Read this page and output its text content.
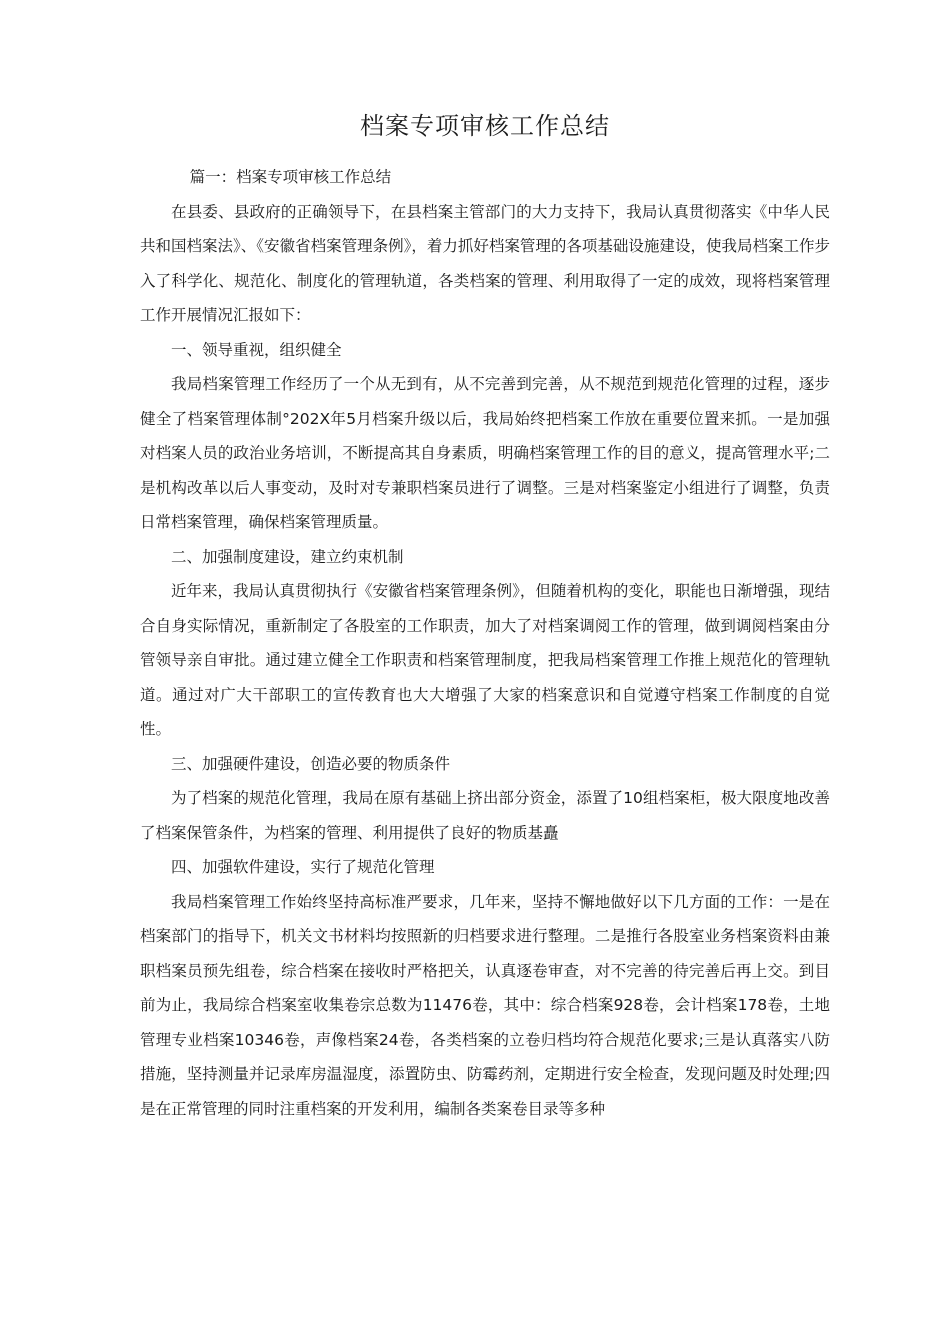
档案专项审核工作总结

篇一：档案专项审核工作总结

在县委、县政府的正确领导下，在县档案主管部门的大力支持下，我局认真贯彻落实《中华人民共和国档案法》、《安徽省档案管理条例》，着力抓好档案管理的各项基础设施建设，使我局档案工作步入了科学化、规范化、制度化的管理轨道，各类档案的管理、利用取得了一定的成效，现将档案管理工作开展情况汇报如下：

一、领导重视，组织健全

我局档案管理工作经历了一个从无到有，从不完善到完善，从不规范到规范化管理的过程，逐步健全了档案管理体制°202X年5月档案升级以后，我局始终把档案工作放在重要位置来抓。一是加强对档案人员的政治业务培训，不断提高其自身素质，明确档案管理工作的目的意义，提高管理水平;二是机构改革以后人事变动，及时对专兼职档案员进行了调整。三是对档案鉴定小组进行了调整，负责日常档案管理，确保档案管理质量。

二、加强制度建设，建立约束机制

近年来，我局认真贯彻执行《安徽省档案管理条例》，但随着机构的变化，职能也日渐增强，现结合自身实际情况，重新制定了各股室的工作职责，加大了对档案调阅工作的管理，做到调阅档案由分管领导亲自审批。通过建立健全工作职责和档案管理制度，把我局档案管理工作推上规范化的管理轨道。通过对广大干部职工的宣传教育也大大增强了大家的档案意识和自觉遵守档案工作制度的自觉性。

三、加强硬件建设，创造必要的物质条件

为了档案的规范化管理，我局在原有基础上挤出部分资金，添置了10组档案柜，极大限度地改善了档案保管条件，为档案的管理、利用提供了良好的物质基矗

四、加强软件建设，实行了规范化管理

我局档案管理工作始终坚持高标准严要求，几年来，坚持不懈地做好以下几方面的工作：一是在档案部门的指导下，机关文书材料均按照新的归档要求进行整理。二是推行各股室业务档案资料由兼职档案员预先组卷，综合档案在接收时严格把关，认真逐卷审查，对不完善的待完善后再上交。到目前为止，我局综合档案室收集卷宗总数为11476卷，其中：综合档案928卷，会计档案178卷，土地管理专业档案10346卷，声像档案24卷，各类档案的立卷归档均符合规范化要求;三是认真落实八防措施，坚持测量并记录库房温湿度，添置防虫、防霉药剂，定期进行安全检查，发现问题及时处理;四是在正常管理的同时注重档案的开发利用，编制各类案卷目录等多种
